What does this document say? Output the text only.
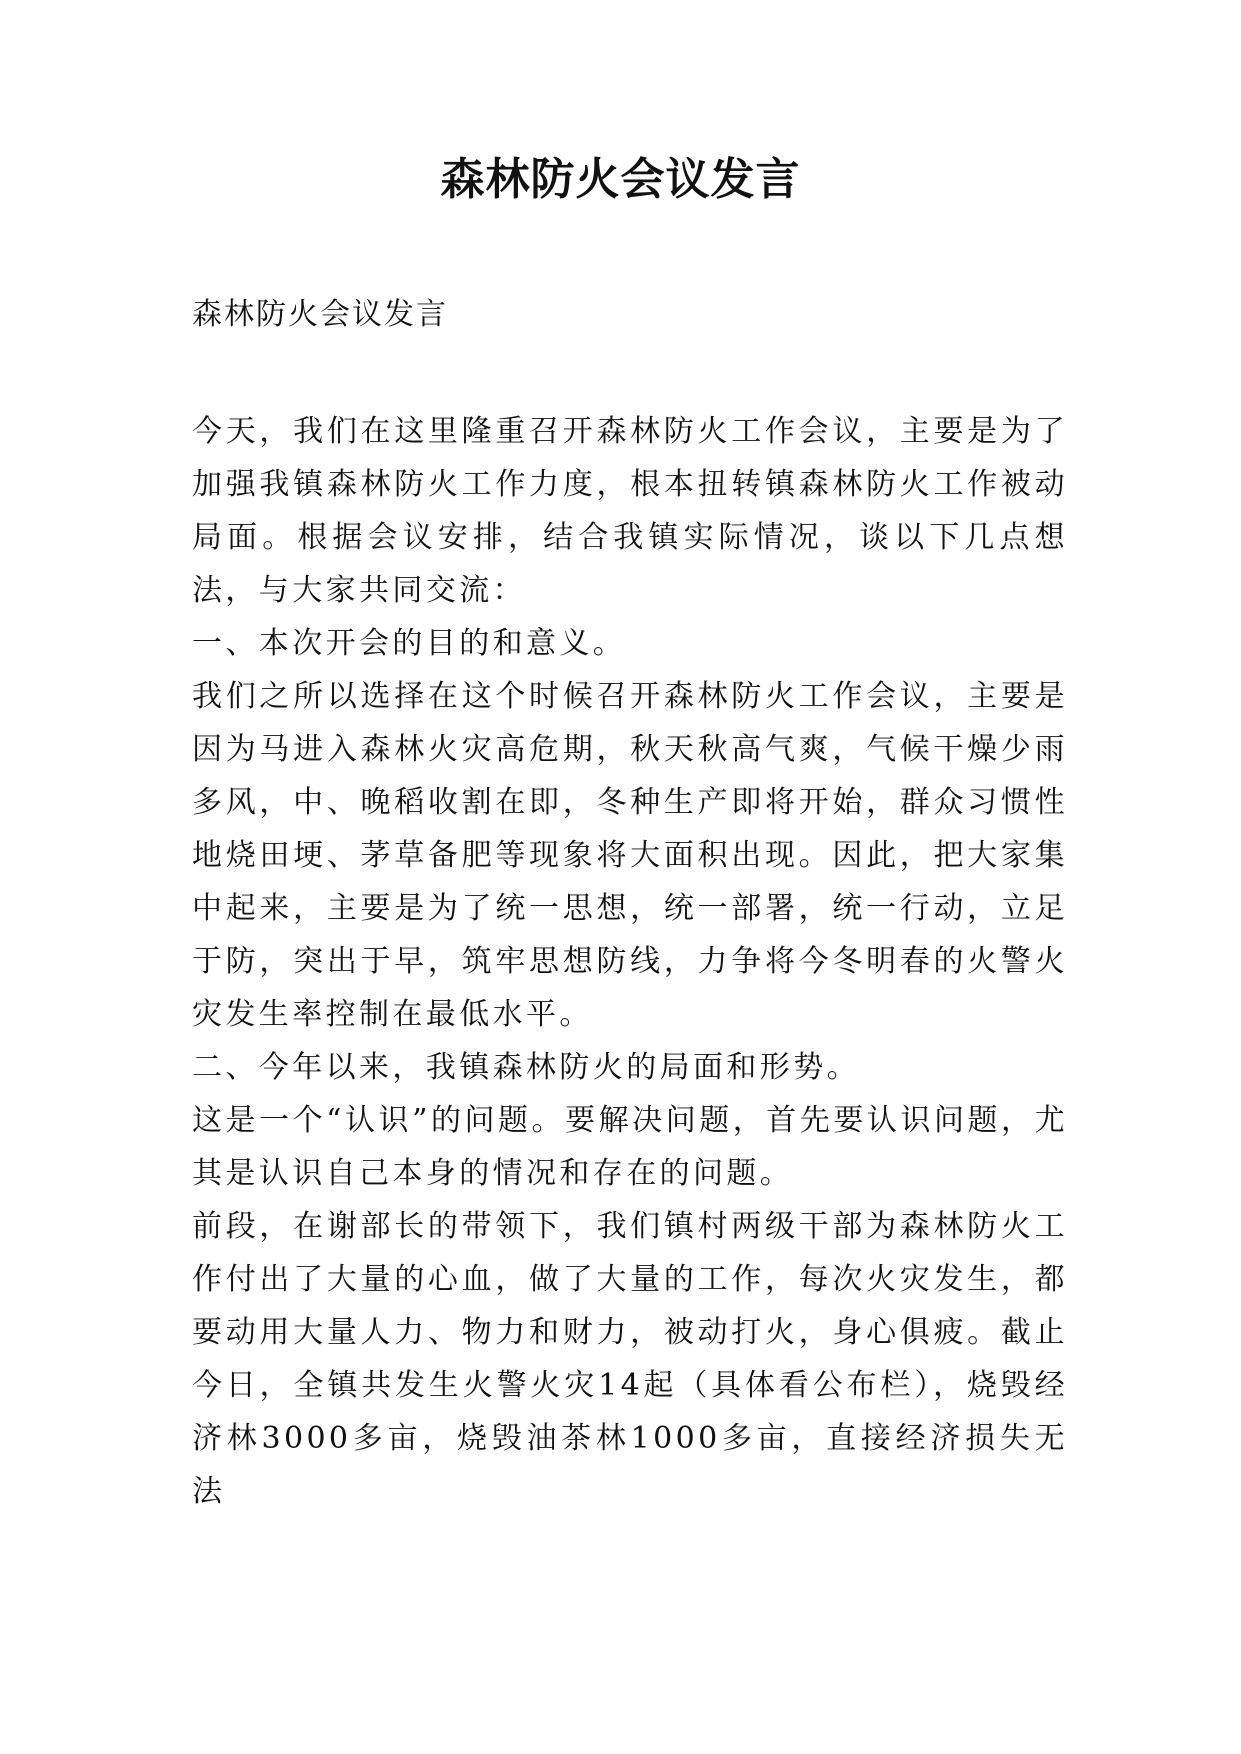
森林防火会议发言
森林防火会议发言

今天，我们在这里隆重召开森林防火工作会议，主要是为了加强我镇森林防火工作力度，根本扭转镇森林防火工作被动局面。根据会议安排，结合我镇实际情况，谈以下几点想法，与大家共同交流：

一、本次开会的目的和意义。

我们之所以选择在这个时候召开森林防火工作会议，主要是因为马进入森林火灾高危期，秋天秋高气爽，气候干燥少雨多风，中、晚稻收割在即，冬种生产即将开始，群众习惯性地烧田埂、茅草备肥等现象将大面积出现。因此，把大家集中起来，主要是为了统一思想，统一部署，统一行动，立足于防，突出于早，筑牢思想防线，力争将今冬明春的火警火灾发生率控制在最低水平。

二、今年以来，我镇森林防火的局面和形势。

这是一个“认识”的问题。要解决问题，首先要认识问题，尤其是认识自己本身的情况和存在的问题。

前段，在谢部长的带领下，我们镇村两级干部为森林防火工作付出了大量的心血，做了大量的工作，每次火灾发生，都要动用大量人力、物力和财力，被动打火，身心俱疲。截止今日，全镇共发生火警火灾14起（具体看公布栏），烧毁经济林3000多亩，烧毁油茶林1000多亩，直接经济损失无法
